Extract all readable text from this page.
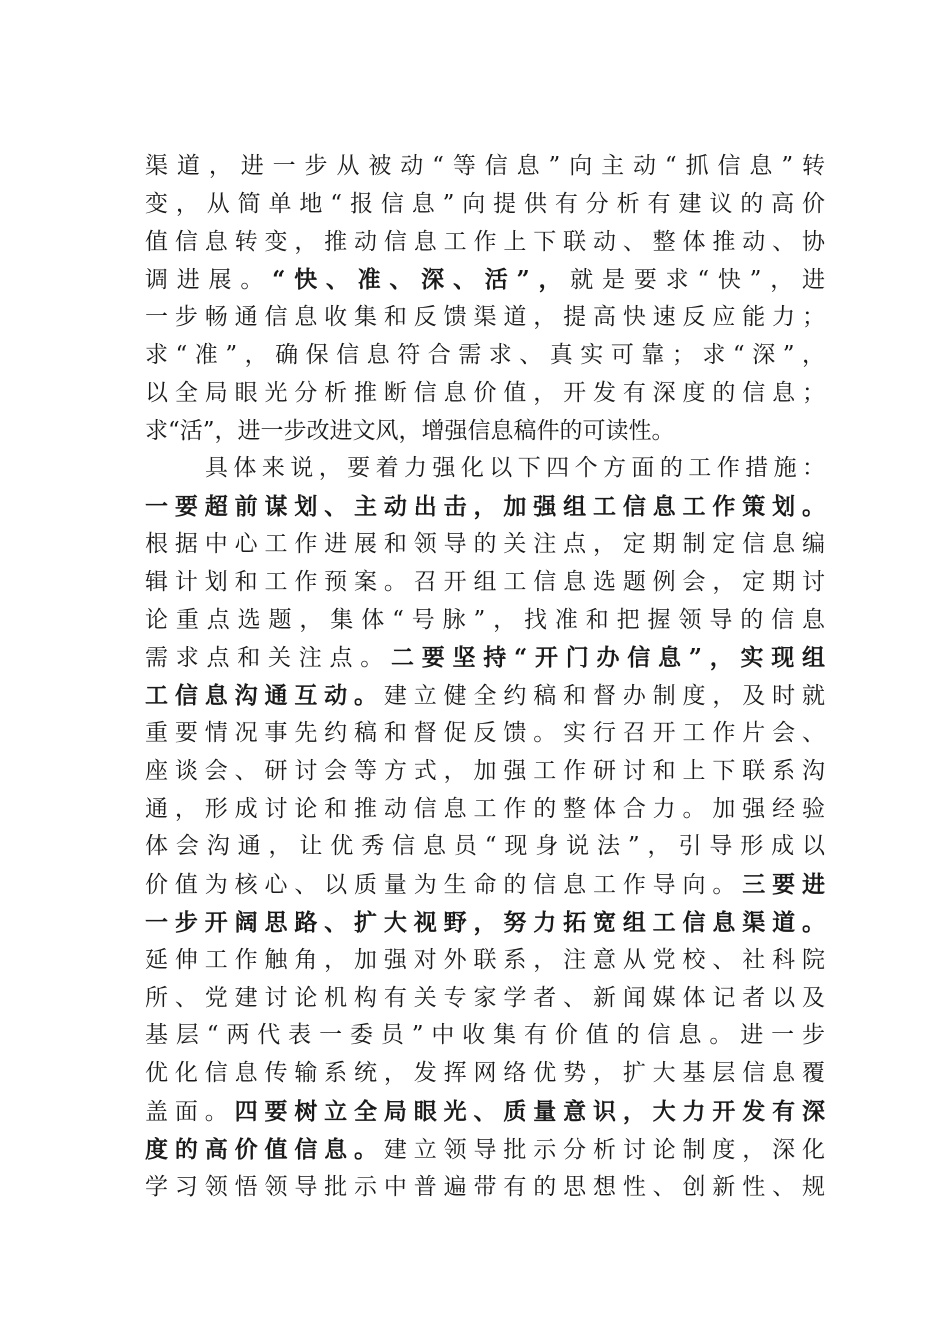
渠道，进一步从被动“等信息”向主动“抓信息”转
变，从简单地“报信息”向提供有分析有建议的高价
值信息转变，推动信息工作上下联动、整体推动、协
调进展。“快、准、深、活”，就是要求“快”，进
一步畅通信息收集和反馈渠道，提高快速反应能力；
求“准”，确保信息符合需求、真实可靠；求“深”，
以全局眼光分析推断信息价值，开发有深度的信息；
求“活”，进一步改进文风，增强信息稿件的可读性。
具体来说，要着力强化以下四个方面的工作措施：
一要超前谋划、主动出击，加强组工信息工作策划。
根据中心工作进展和领导的关注点，定期制定信息编
辑计划和工作预案。召开组工信息选题例会，定期讨
论重点选题，集体“号脉”，找准和把握领导的信息
需求点和关注点。二要坚持“开门办信息”，实现组
工信息沟通互动。建立健全约稿和督办制度，及时就
重要情况事先约稿和督促反馈。实行召开工作片会、
座谈会、研讨会等方式，加强工作研讨和上下联系沟
通，形成讨论和推动信息工作的整体合力。加强经验
体会沟通，让优秀信息员“现身说法”，引导形成以
价值为核心、以质量为生命的信息工作导向。三要进
一步开阔思路、扩大视野，努力拓宽组工信息渠道。
延伸工作触角，加强对外联系，注意从党校、社科院
所、党建讨论机构有关专家学者、新闻媒体记者以及
基层“两代表一委员”中收集有价值的信息。进一步
优化信息传输系统，发挥网络优势，扩大基层信息覆
盖面。四要树立全局眼光、质量意识，大力开发有深
度的高价值信息。建立领导批示分析讨论制度，深化
学习领悟领导批示中普遍带有的思想性、创新性、规
